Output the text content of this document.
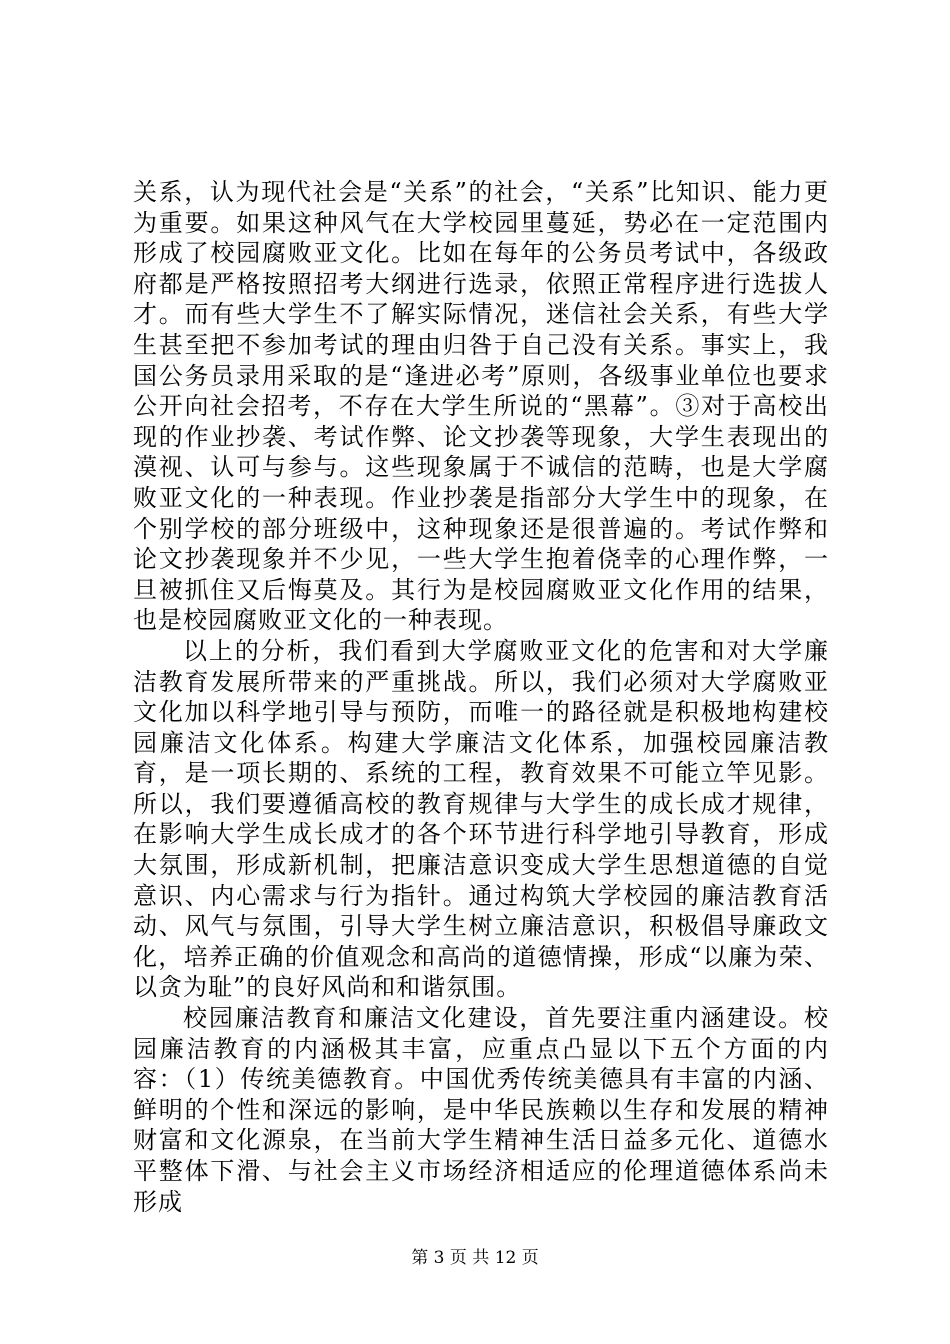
关系，认为现代社会是“关系”的社会，“关系”比知识、能力更为重要。如果这种风气在大学校园里蔓延，势必在一定范围内形成了校园腐败亚文化。比如在每年的公务员考试中，各级政府都是严格按照招考大纲进行选录，依照正常程序进行选拔人才。而有些大学生不了解实际情况，迷信社会关系，有些大学生甚至把不参加考试的理由归咎于自己没有关系。事实上，我国公务员录用采取的是“逢进必考”原则，各级事业单位也要求公开向社会招考，不存在大学生所说的“黑幕”。③对于高校出现的作业抄袭、考试作弊、论文抄袭等现象，大学生表现出的漠视、认可与参与。这些现象属于不诚信的范畴，也是大学腐败亚文化的一种表现。作业抄袭是指部分大学生中的现象，在个别学校的部分班级中，这种现象还是很普遍的。考试作弊和论文抄袭现象并不少见，一些大学生抱着侥幸的心理作弊，一旦被抓住又后悔莫及。其行为是校园腐败亚文化作用的结果，也是校园腐败亚文化的一种表现。

以上的分析，我们看到大学腐败亚文化的危害和对大学廉洁教育发展所带来的严重挑战。所以，我们必须对大学腐败亚文化加以科学地引导与预防，而唯一的路径就是积极地构建校园廉洁文化体系。构建大学廉洁文化体系，加强校园廉洁教育，是一项长期的、系统的工程，教育效果不可能立竿见影。所以，我们要遵循高校的教育规律与大学生的成长成才规律，在影响大学生成长成才的各个环节进行科学地引导教育，形成大氛围，形成新机制，把廉洁意识变成大学生思想道德的自觉意识、内心需求与行为指针。通过构筑大学校园的廉洁教育活动、风气与氛围，引导大学生树立廉洁意识，积极倡导廉政文化，培养正确的价值观念和高尚的道德情操，形成“以廉为荣、以贪为耻”的良好风尚和和谐氛围。

校园廉洁教育和廉洁文化建设，首先要注重内涵建设。校园廉洁教育的内涵极其丰富，应重点凸显以下五个方面的内容：（1）传统美德教育。中国优秀传统美德具有丰富的内涵、鲜明的个性和深远的影响，是中华民族赖以生存和发展的精神财富和文化源泉，在当前大学生精神生活日益多元化、道德水平整体下滑、与社会主义市场经济相适应的伦理道德体系尚未形成

第 3 页 共 12 页
